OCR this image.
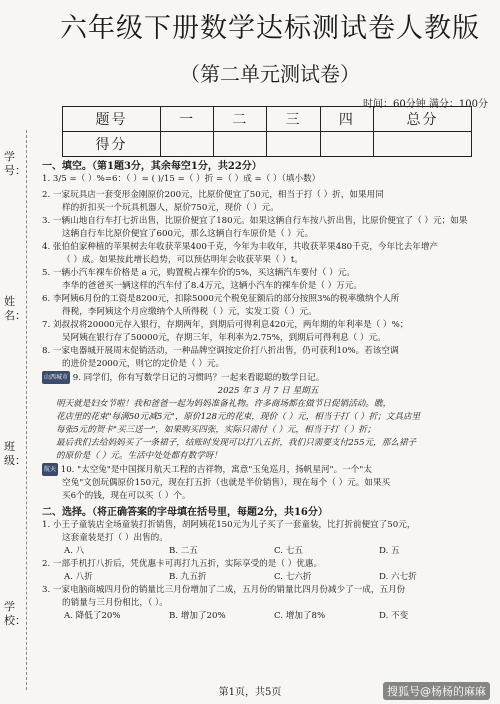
六年级下册数学达标测试卷人教版
（第二单元测试卷）
时间：60分钟 满分：100分
题号	一	二	三	四	总分
得分					
学号：
姓名：
班级：
学校：

一、填空。（第1题3分，其余每空1分，共22分）

1. 3/5 =（ ）%=6：（ ）= ( )/15 =（ ）折 =（ ）成 =（ ）（填小数）

2. 一家玩具店一套变形金刚原价200元，比原价便宜了50元，相当于打（ ）折，如果用同

样的折扣买一个玩具机器人，原价750元，现价（ ）元。

3. 一辆山地自行车打七折出售，比原价便宜了180元。如果这辆自行车按八折出售，比原价便宜了（ ）元；如果

这辆自行车比原价便宜了600元，那么这辆自行车原价是（ ）元。

4. 张伯伯家种植的苹果树去年收获苹果400千克，今年为丰收年，共收获苹果480千克，今年比去年增产

（ ）成。如果按此增长趋势，可以预估明年会收获苹果（ ）t。

5. 一辆小汽车裸车价格是 a 元，购置税占裸车价的5%，买这辆汽车要付（ ）元。

李华的爸爸买一辆这样的汽车付了8.4万元，这辆小汽车的裸车价是（ ）万元。

6. 李阿姨6月份的工资是8200元，扣除5000元个税免征额后的部分按照3%的税率缴纳个人所

得税，李阿姨这个月应缴纳个人所得税（ ）元，实发工资（ ）元。

7. 刘叔叔将20000元存入银行，存期两年，到期后可得利息420元，两年期的年利率是（ ）%；

吴阿姨在银行存了50000元，存期三年，年利率为2.75%，到期后可得利息（ ）元。

8. 一家电器城开展周末促销活动，一种品牌空调按定价打八折出售，仍可获利10%。若该空调

的进价是2000元，则它的定价是（ ）元。

山西城市 9. 同学们，你有写数学日记的习惯吗？一起来看聪聪的数学日记。

2025 年 3 月 7 日 星期五

明天就是妇女节啦！我和爸爸一起为妈妈准备礼物。许多商场都在做节日促销活动。瞧，

花店里的花束"每满50元减5元"，原价128元的花束，现价（ ）元，相当于打（ ）折；文具店里

每张5元的贺卡"买三送一"，如果购买四张，实际只需付（ ）元，相当于打（ ）折；

最后我们去给妈妈买了一条裙子，结账时发现可以打八五折，我们只需要支付255元，那么裙子

的原价是（ ）元。生活中处处都有数学呀！

航天 10. "太空兔"是中国探月航天工程的吉祥物，寓意"玉兔巡月，扬帆星河"。一个"太

空兔"文创玩偶原价150元，现在打五折（也就是半价销售），现在每个（ ）元。如果买

买6个的钱，现在可以买（ ）个。

二、选择。（将正确答案的字母填在括号里，每题2分，共16分）

1. 小王子童装店全场童装打折销售，胡阿姨花150元为儿子买了一套童装，比打折前便宜了50元，

这套童装是打（ ）出售的。

A. 八	B. 二五	C. 七五	D. 五

2. 一部手机打八折后，凭优惠卡可再打九五折，实际享受的是（ ）优惠。

A. 八折	B. 九五折	C. 七六折	D. 六七折

3. 一家电脑商城四月份的销量比三月份增加了二成，五月份的销量比四月份减少了一成，五月份

的销量与三月份相比，（ ）。

A. 降低了20%	B. 增加了20%	C. 增加了8%	D. 不变
第1页，共5页	搜狐号@杨杨的麻麻
